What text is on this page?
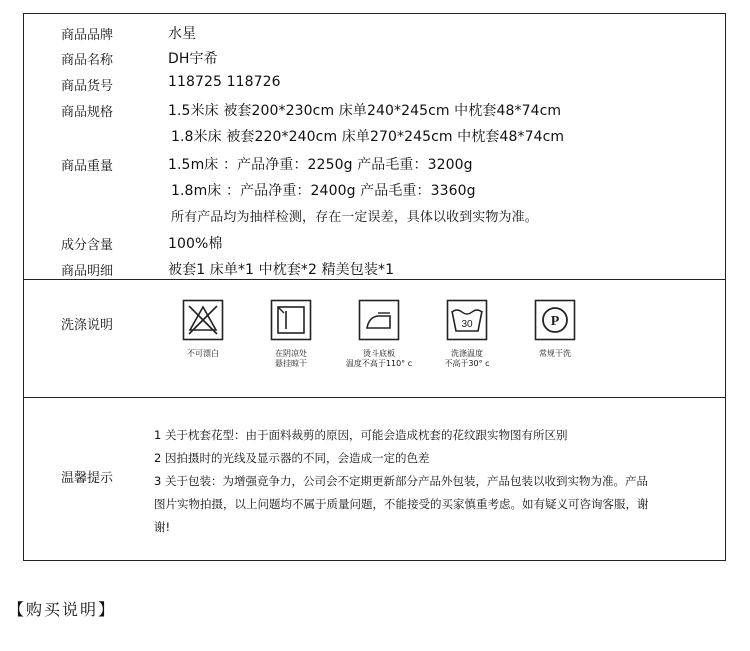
商品品牌	水星
商品名称	DH宇希
商品货号	118725 118726
商品规格	1.5米床 被套200*230cm 床单240*245cm 中枕套48*74cm
1.8米床 被套220*240cm 床单270*245cm 中枕套48*74cm
商品重量	1.5m床 ：产品净重：2250g 产品毛重：3200g
1.8m床 ：产品净重：2400g 产品毛重：3360g
所有产品均为抽样检测，存在一定误差，具体以收到实物为准。
成分含量	100%棉
商品明细	被套1 床单*1 中枕套*2 精美包装*1
洗涤说明
不可漂白	在阴凉处
悬挂晾干
烫斗底板
温度不高于110° c
30
洗涤温度
不高于30° c
P
常规干洗
温馨提示
1 关于枕套花型：由于面料裁剪的原因，可能会造成枕套的花纹跟实物图有所区别
2 因拍摄时的光线及显示器的不同，会造成一定的色差
3 关于包装：为增强竞争力，公司会不定期更新部分产品外包装，产品包装以收到实物为准。产品
图片实物拍摄，以上问题均不属于质量问题，不能接受的买家慎重考虑。如有疑义可咨询客服，谢
谢!
【购买说明】
